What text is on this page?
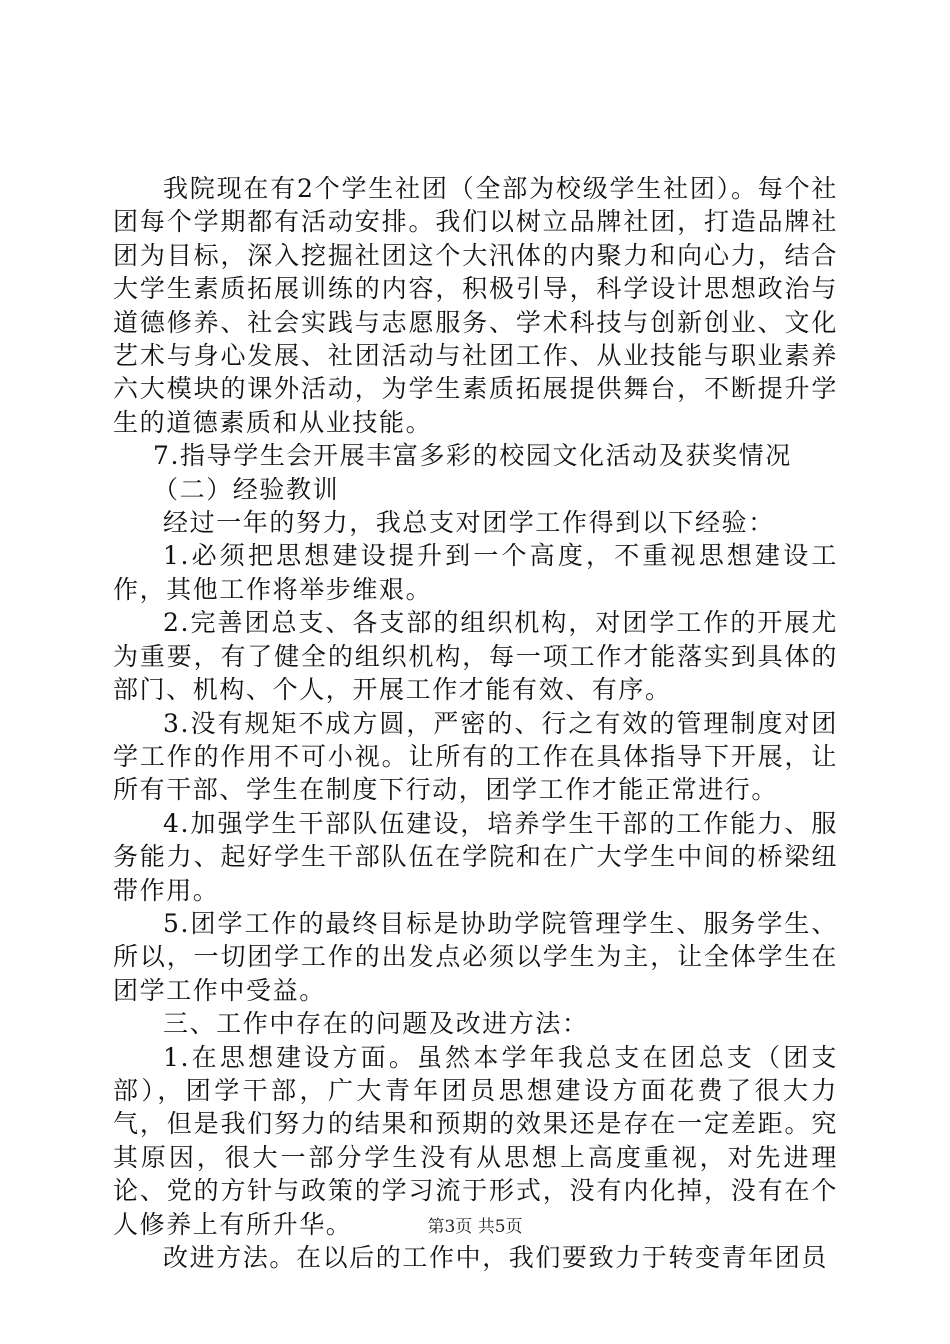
我院现在有2个学生社团（全部为校级学生社团）。每个社团每个学期都有活动安排。我们以树立品牌社团，打造品牌社团为目标，深入挖掘社团这个大汛体的内聚力和向心力，结合大学生素质拓展训练的内容，积极引导，科学设计思想政治与道德修养、社会实践与志愿服务、学术科技与创新创业、文化艺术与身心发展、社团活动与社团工作、从业技能与职业素养六大模块的课外活动，为学生素质拓展提供舞台，不断提升学生的道德素质和从业技能。

7.指导学生会开展丰富多彩的校园文化活动及获奖情况

（二）经验教训

经过一年的努力，我总支对团学工作得到以下经验：

1.必须把思想建设提升到一个高度，不重视思想建设工作，其他工作将举步维艰。

2.完善团总支、各支部的组织机构，对团学工作的开展尤为重要，有了健全的组织机构，每一项工作才能落实到具体的部门、机构、个人，开展工作才能有效、有序。

3.没有规矩不成方圆，严密的、行之有效的管理制度对团学工作的作用不可小视。让所有的工作在具体指导下开展，让所有干部、学生在制度下行动，团学工作才能正常进行。

4.加强学生干部队伍建设，培养学生干部的工作能力、服务能力、起好学生干部队伍在学院和在广大学生中间的桥梁纽带作用。

5.团学工作的最终目标是协助学院管理学生、服务学生、所以，一切团学工作的出发点必须以学生为主，让全体学生在团学工作中受益。

三、工作中存在的问题及改进方法：

1.在思想建设方面。虽然本学年我总支在团总支（团支部），团学干部，广大青年团员思想建设方面花费了很大力气，但是我们努力的结果和预期的效果还是存在一定差距。究其原因，很大一部分学生没有从思想上高度重视，对先进理论、党的方针与政策的学习流于形式，没有内化掉，没有在个人修养上有所升华。

改进方法。在以后的工作中，我们要致力于转变青年团员

第3页 共5页
